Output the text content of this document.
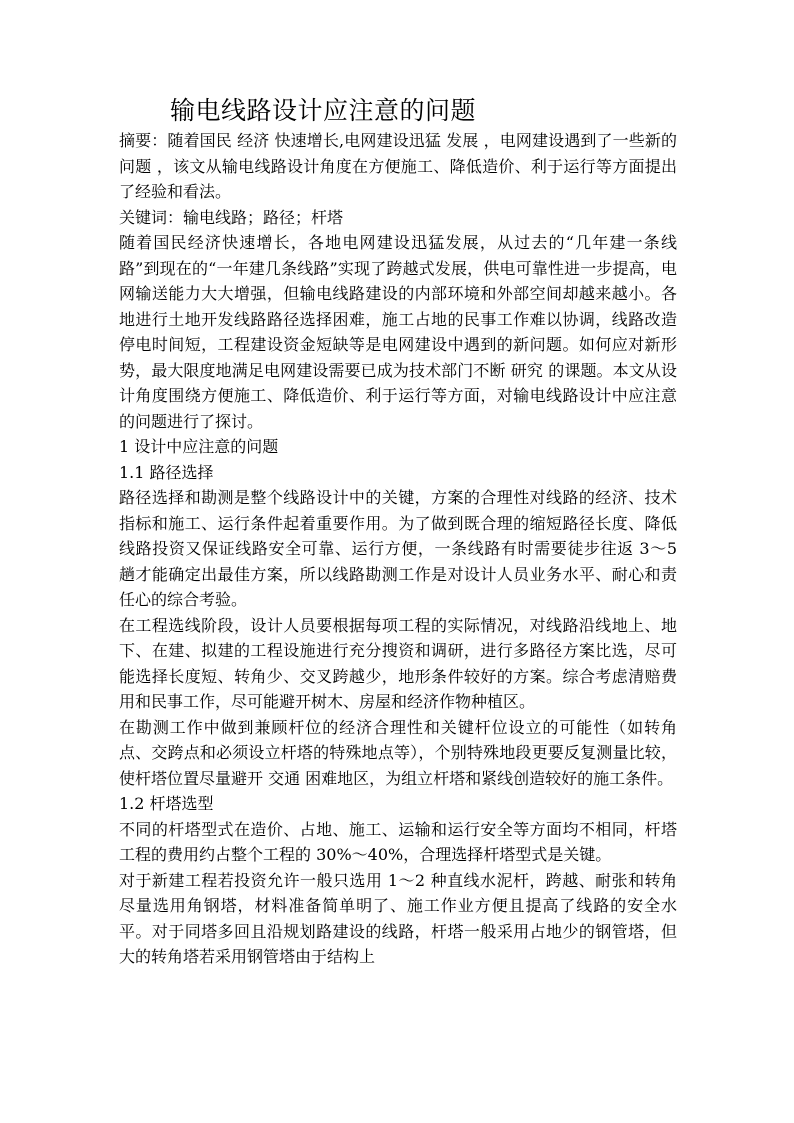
输电线路设计应注意的问题

摘要：随着国民 经济 快速增长,电网建设迅猛 发展 ，电网建设遇到了一些新的 问题 ，该文从输电线路设计角度在方便施工、降低造价、利于运行等方面提出了经验和看法。

关键词：输电线路；路径；杆塔

随着国民经济快速增长，各地电网建设迅猛发展，从过去的“几年建一条线路”到现在的“一年建几条线路”实现了跨越式发展，供电可靠性进一步提高，电网输送能力大大增强，但输电线路建设的内部环境和外部空间却越来越小。各地进行土地开发线路路径选择困难，施工占地的民事工作难以协调，线路改造停电时间短，工程建设资金短缺等是电网建设中遇到的新问题。如何应对新形势，最大限度地满足电网建设需要已成为技术部门不断 研究 的课题。本文从设计角度围绕方便施工、降低造价、利于运行等方面，对输电线路设计中应注意的问题进行了探讨。

1 设计中应注意的问题

1.1 路径选择

路径选择和勘测是整个线路设计中的关键，方案的合理性对线路的经济、技术指标和施工、运行条件起着重要作用。为了做到既合理的缩短路径长度、降低线路投资又保证线路安全可靠、运行方便，一条线路有时需要徒步往返 3～5 趟才能确定出最佳方案，所以线路勘测工作是对设计人员业务水平、耐心和责任心的综合考验。

在工程选线阶段，设计人员要根据每项工程的实际情况，对线路沿线地上、地下、在建、拟建的工程设施进行充分搜资和调研，进行多路径方案比选，尽可能选择长度短、转角少、交叉跨越少，地形条件较好的方案。综合考虑清赔费用和民事工作，尽可能避开树木、房屋和经济作物种植区。

在勘测工作中做到兼顾杆位的经济合理性和关键杆位设立的可能性（如转角点、交跨点和必须设立杆塔的特殊地点等），个别特殊地段更要反复测量比较，使杆塔位置尽量避开 交通 困难地区，为组立杆塔和紧线创造较好的施工条件。

1.2 杆塔选型

不同的杆塔型式在造价、占地、施工、运输和运行安全等方面均不相同，杆塔工程的费用约占整个工程的 30%～40%，合理选择杆塔型式是关键。

对于新建工程若投资允许一般只选用 1～2 种直线水泥杆，跨越、耐张和转角尽量选用角钢塔，材料准备简单明了、施工作业方便且提高了线路的安全水平。对于同塔多回且沿规划路建设的线路，杆塔一般采用占地少的钢管塔，但大的转角塔若采用钢管塔由于结构上
